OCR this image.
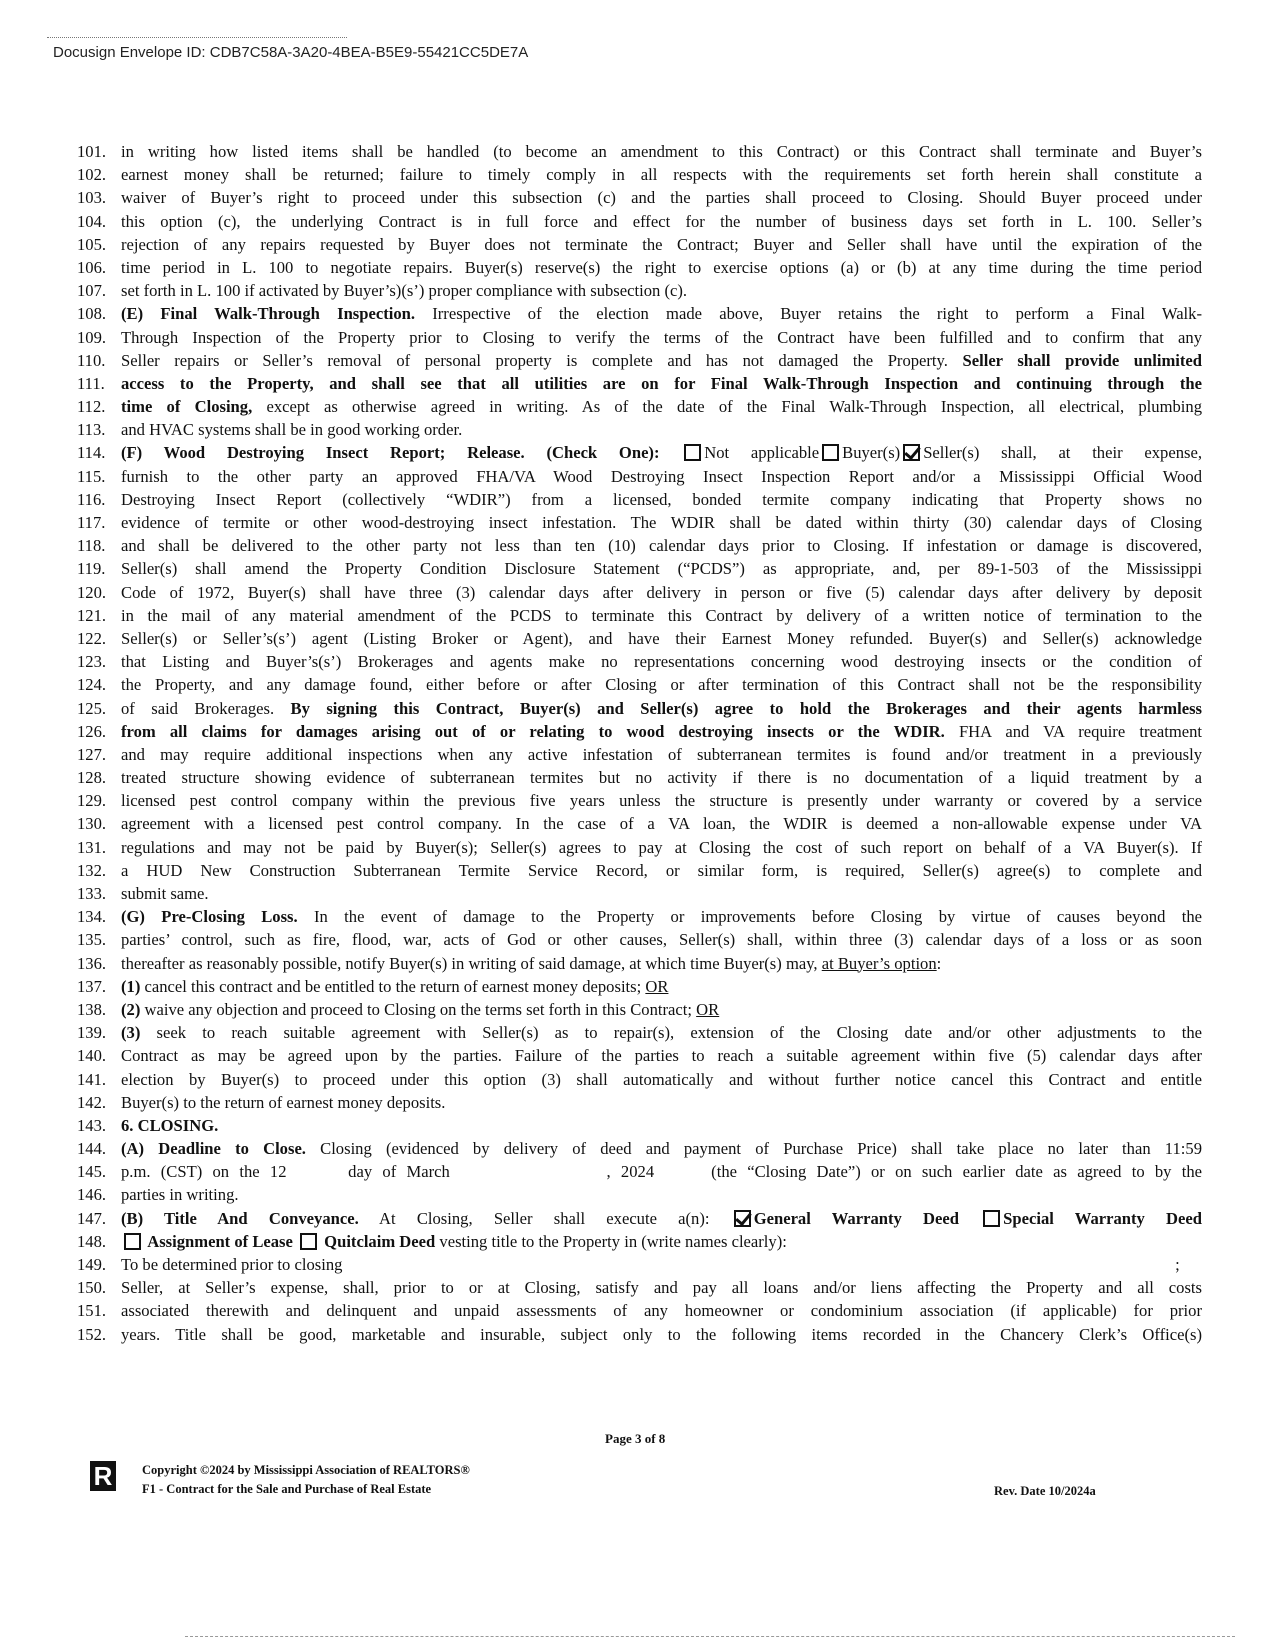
Docusign Envelope ID: CDB7C58A-3A20-4BEA-B5E9-55421CC5DE7A
101. in writing how listed items shall be handled (to become an amendment to this Contract) or this Contract shall terminate and Buyer’s
102. earnest money shall be returned; failure to timely comply in all respects with the requirements set forth herein shall constitute a
103. waiver of Buyer’s right to proceed under this subsection (c) and the parties shall proceed to Closing. Should Buyer proceed under
104. this option (c), the underlying Contract is in full force and effect for the number of business days set forth in L. 100. Seller’s
105. rejection of any repairs requested by Buyer does not terminate the Contract; Buyer and Seller shall have until the expiration of the
106. time period in L. 100 to negotiate repairs. Buyer(s) reserve(s) the right to exercise options (a) or (b) at any time during the time period
107. set forth in L. 100 if activated by Buyer’s)(s’) proper compliance with subsection (c).
108. (E) Final Walk-Through Inspection. Irrespective of the election made above, Buyer retains the right to perform a Final Walk-
109. Through Inspection of the Property prior to Closing to verify the terms of the Contract have been fulfilled and to confirm that any
110. Seller repairs or Seller’s removal of personal property is complete and has not damaged the Property. Seller shall provide unlimited
111. access to the Property, and shall see that all utilities are on for Final Walk-Through Inspection and continuing through the
112. time of Closing, except as otherwise agreed in writing. As of the date of the Final Walk-Through Inspection, all electrical, plumbing
113. and HVAC systems shall be in good working order.
114. (F) Wood Destroying Insect Report; Release. (Check One): Not applicable Buyer(s) Seller(s) shall, at their expense,
115. furnish to the other party an approved FHA/VA Wood Destroying Insect Inspection Report and/or a Mississippi Official Wood
116. Destroying Insect Report (collectively “WDIR”) from a licensed, bonded termite company indicating that Property shows no
117. evidence of termite or other wood-destroying insect infestation. The WDIR shall be dated within thirty (30) calendar days of Closing
118. and shall be delivered to the other party not less than ten (10) calendar days prior to Closing. If infestation or damage is discovered,
119. Seller(s) shall amend the Property Condition Disclosure Statement (“PCDS”) as appropriate, and, per 89-1-503 of the Mississippi
120. Code of 1972, Buyer(s) shall have three (3) calendar days after delivery in person or five (5) calendar days after delivery by deposit
121. in the mail of any material amendment of the PCDS to terminate this Contract by delivery of a written notice of termination to the
122. Seller(s) or Seller’s(s’) agent (Listing Broker or Agent), and have their Earnest Money refunded. Buyer(s) and Seller(s) acknowledge
123. that Listing and Buyer’s(s’) Brokerages and agents make no representations concerning wood destroying insects or the condition of
124. the Property, and any damage found, either before or after Closing or after termination of this Contract shall not be the responsibility
125. of said Brokerages. By signing this Contract, Buyer(s) and Seller(s) agree to hold the Brokerages and their agents harmless
126. from all claims for damages arising out of or relating to wood destroying insects or the WDIR. FHA and VA require treatment
127. and may require additional inspections when any active infestation of subterranean termites is found and/or treatment in a previously
128. treated structure showing evidence of subterranean termites but no activity if there is no documentation of a liquid treatment by a
129. licensed pest control company within the previous five years unless the structure is presently under warranty or covered by a service
130. agreement with a licensed pest control company. In the case of a VA loan, the WDIR is deemed a non-allowable expense under VA
131. regulations and may not be paid by Buyer(s); Seller(s) agrees to pay at Closing the cost of such report on behalf of a VA Buyer(s). If
132. a HUD New Construction Subterranean Termite Service Record, or similar form, is required, Seller(s) agree(s) to complete and
133. submit same.
134. (G) Pre-Closing Loss. In the event of damage to the Property or improvements before Closing by virtue of causes beyond the
135. parties’ control, such as fire, flood, war, acts of God or other causes, Seller(s) shall, within three (3) calendar days of a loss or as soon
136. thereafter as reasonably possible, notify Buyer(s) in writing of said damage, at which time Buyer(s) may, at Buyer’s option:
137. (1) cancel this contract and be entitled to the return of earnest money deposits; OR
138. (2) waive any objection and proceed to Closing on the terms set forth in this Contract; OR
139. (3) seek to reach suitable agreement with Seller(s) as to repair(s), extension of the Closing date and/or other adjustments to the
140. Contract as may be agreed upon by the parties. Failure of the parties to reach a suitable agreement within five (5) calendar days after
141. election by Buyer(s) to proceed under this option (3) shall automatically and without further notice cancel this Contract and entitle
142. Buyer(s) to the return of earnest money deposits.
143. 6. CLOSING.
144. (A) Deadline to Close. Closing (evidenced by delivery of deed and payment of Purchase Price) shall take place no later than 11:59
145. p.m. (CST) on the 12	day of March	, 2024	(the “Closing Date”) or on such earlier date as agreed to by the
146. parties in writing.
147. (B) Title And Conveyance. At Closing, Seller shall execute a(n): General Warranty Deed Special Warranty Deed
148.	Assignment of Lease  Quitclaim Deed vesting title to the Property in (write names clearly):
149. To be determined prior to closing	;
150. Seller, at Seller’s expense, shall, prior to or at Closing, satisfy and pay all loans and/or liens affecting the Property and all costs
151. associated therewith and delinquent and unpaid assessments of any homeowner or condominium association (if applicable) for prior
152. years. Title shall be good, marketable and insurable, subject only to the following items recorded in the Chancery Clerk’s Office(s)
Page 3 of 8
R Copyright ©2024 by Mississippi Association of REALTORS®
F1 - Contract for the Sale and Purchase of Real Estate	Rev. Date 10/2024a
